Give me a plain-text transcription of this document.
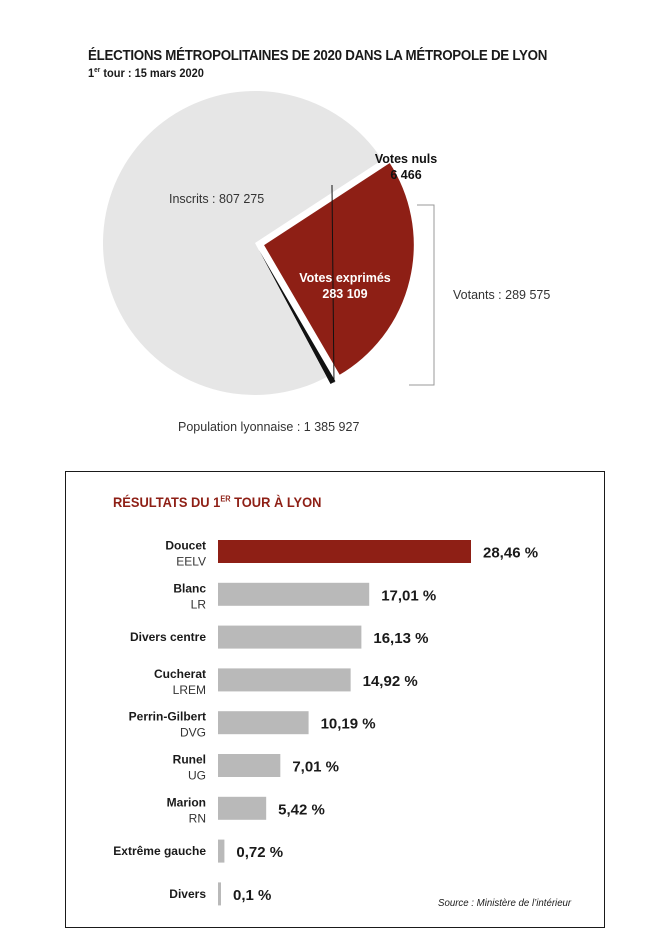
ÉLECTIONS MÉTROPOLITAINES DE 2020 DANS LA MÉTROPOLE DE LYON
1er tour : 15 mars 2020
Inscrits : 807 275
Votes exprimés
283 109
Votes nuls
6 466
Votants : 289 575
Population lyonnaise : 1 385 927
RÉSULTATS DU 1ER TOUR À LYON
Doucet
EELV	28,46 %
Blanc
LR	17,01 %
Divers centre	16,13 %
Cucherat
LREM	14,92 %
Perrin-Gilbert
DVG	10,19 %
Runel
UG	7,01 %
Marion
RN	5,42 %
Extrême gauche 0,72 %
Divers 0,1 %	Source : Ministère de l’intérieur
